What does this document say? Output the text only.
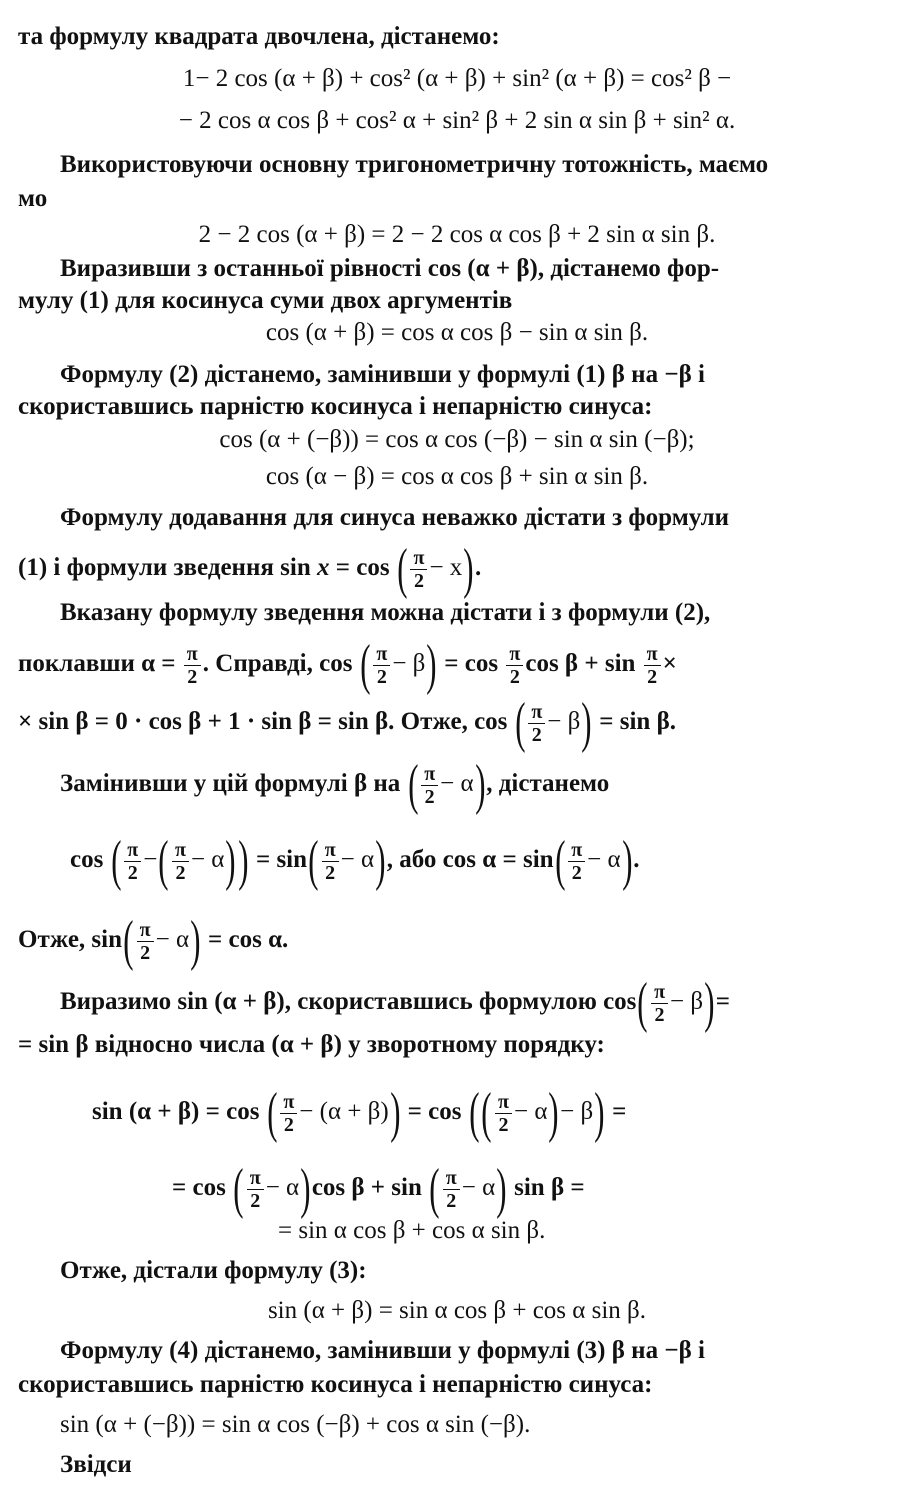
та формулу квадрата двочлена, дістанемо:
1− 2 cos (α + β) + cos² (α + β) + sin² (α + β) = cos² β −
− 2 cos α cos β + cos² α + sin² β + 2 sin α sin β + sin² α.
Використовуючи основну тригонометричну тотожність, маємо
мо
2 − 2 cos (α + β) = 2 − 2 cos α cos β + 2 sin α sin β.
Виразивши з останньої рівності cos (α + β), дістанемо фор-
мулу (1) для косинуса суми двох аргументів
cos (α + β) = cos α cos β − sin α sin β.
Формулу (2) дістанемо, замінивши у формулі (1) β на −β і
скориставшись парністю косинуса і непарністю синуса:
cos (α + (−β)) = cos α cos (−β) − sin α sin (−β);
cos (α − β) = cos α cos β + sin α sin β.
Формулу додавання для синуса неважко дістати з формули
(1) і формули зведення sin x = cos ( $\frac{\pi}{2} - x$).
Вказану формулу зведення можна дістати і з формули (2),
поклавши $\alpha = \frac{\pi}{2}$ . Справді, cos ( $\frac{\pi}{2} - \beta) = \cos \frac{\pi}{2}$ $\cos \beta + \sin \frac{\pi}{2}$ ×
× sin β = 0 · cos β + 1 · sin β = sin β. Отже, cos ( $\frac{\pi}{2} - \beta) = \sin \beta$.
Замінивши у цій формулі β на ( $\frac{\pi}{2} - \alpha$), дістанемо
cos ( $\frac{\pi}{2}$ −( $\frac{\pi}{2} - \alpha)) = \sin( \frac{\pi}{2} - \alpha)$, або $\cos \alpha = \sin( \frac{\pi}{2} - \alpha)$.
Отже, $\sin( \frac{\pi}{2} - \alpha) = \cos \alpha$.
Виразимо sin (α + β), скориставшись формулою $\cos( \frac{\pi}{2} - \beta)=$
= sin β відносно числа (α + β) у зворотному порядку:
sin (α + β) = cos ( $\frac{\pi}{2} - (\alpha + \beta)) = \cos$ (( $\frac{\pi}{2} - \alpha)- \beta$) =
= cos ( $\frac{\pi}{2} - \alpha)\cos$ β + sin ( $\frac{\pi}{2} - \alpha$) sin β =
= sin α cos β + cos α sin β.
Отже, дістали формулу (3):
sin (α + β) = sin α cos β + cos α sin β.
Формулу (4) дістанемо, замінивши у формулі (3) β на −β і
скориставшись парністю косинуса і непарністю синуса:
sin (α + (−β)) = sin α cos (−β) + cos α sin (−β).
Звідси
